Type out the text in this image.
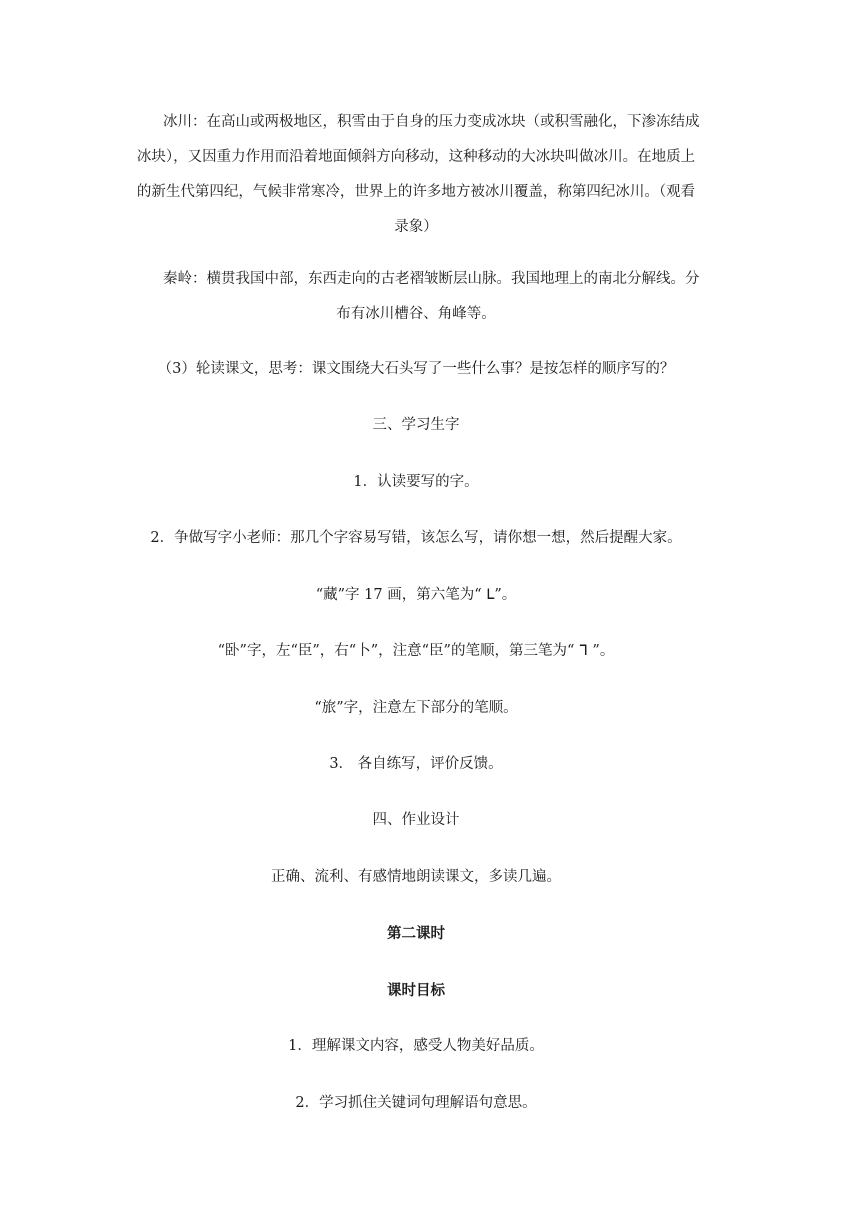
冰川：在高山或两极地区，积雪由于自身的压力变成冰块（或积雪融化，下渗冻结成
冰块），又因重力作用而沿着地面倾斜方向移动，这种移动的大冰块叫做冰川。在地质上
的新生代第四纪，气候非常寒冷，世界上的许多地方被冰川覆盖，称第四纪冰川。（观看
录象）
秦岭：横贯我国中部，东西走向的古老褶皱断层山脉。我国地理上的南北分解线。分
布有冰川槽谷、角峰等。

（3）轮读课文，思考：课文围绕大石头写了一些什么事？是按怎样的顺序写的？

三、学习生字

1．认读要写的字。

2．争做写字小老师：那几个字容易写错，该怎么写，请你想一想，然后提醒大家。

“藏”字 17 画，第六笔为“ ᒪ”。

“卧”字，左“臣”，右“卜”，注意“臣”的笔顺，第三笔为“ ᒣ ”。

“旅”字，注意左下部分的笔顺。

3． 各自练写，评价反馈。

四、作业设计

正确、流利、有感情地朗读课文，多读几遍。

第二课时

课时目标

1．理解课文内容，感受人物美好品质。

2．学习抓住关键词句理解语句意思。
